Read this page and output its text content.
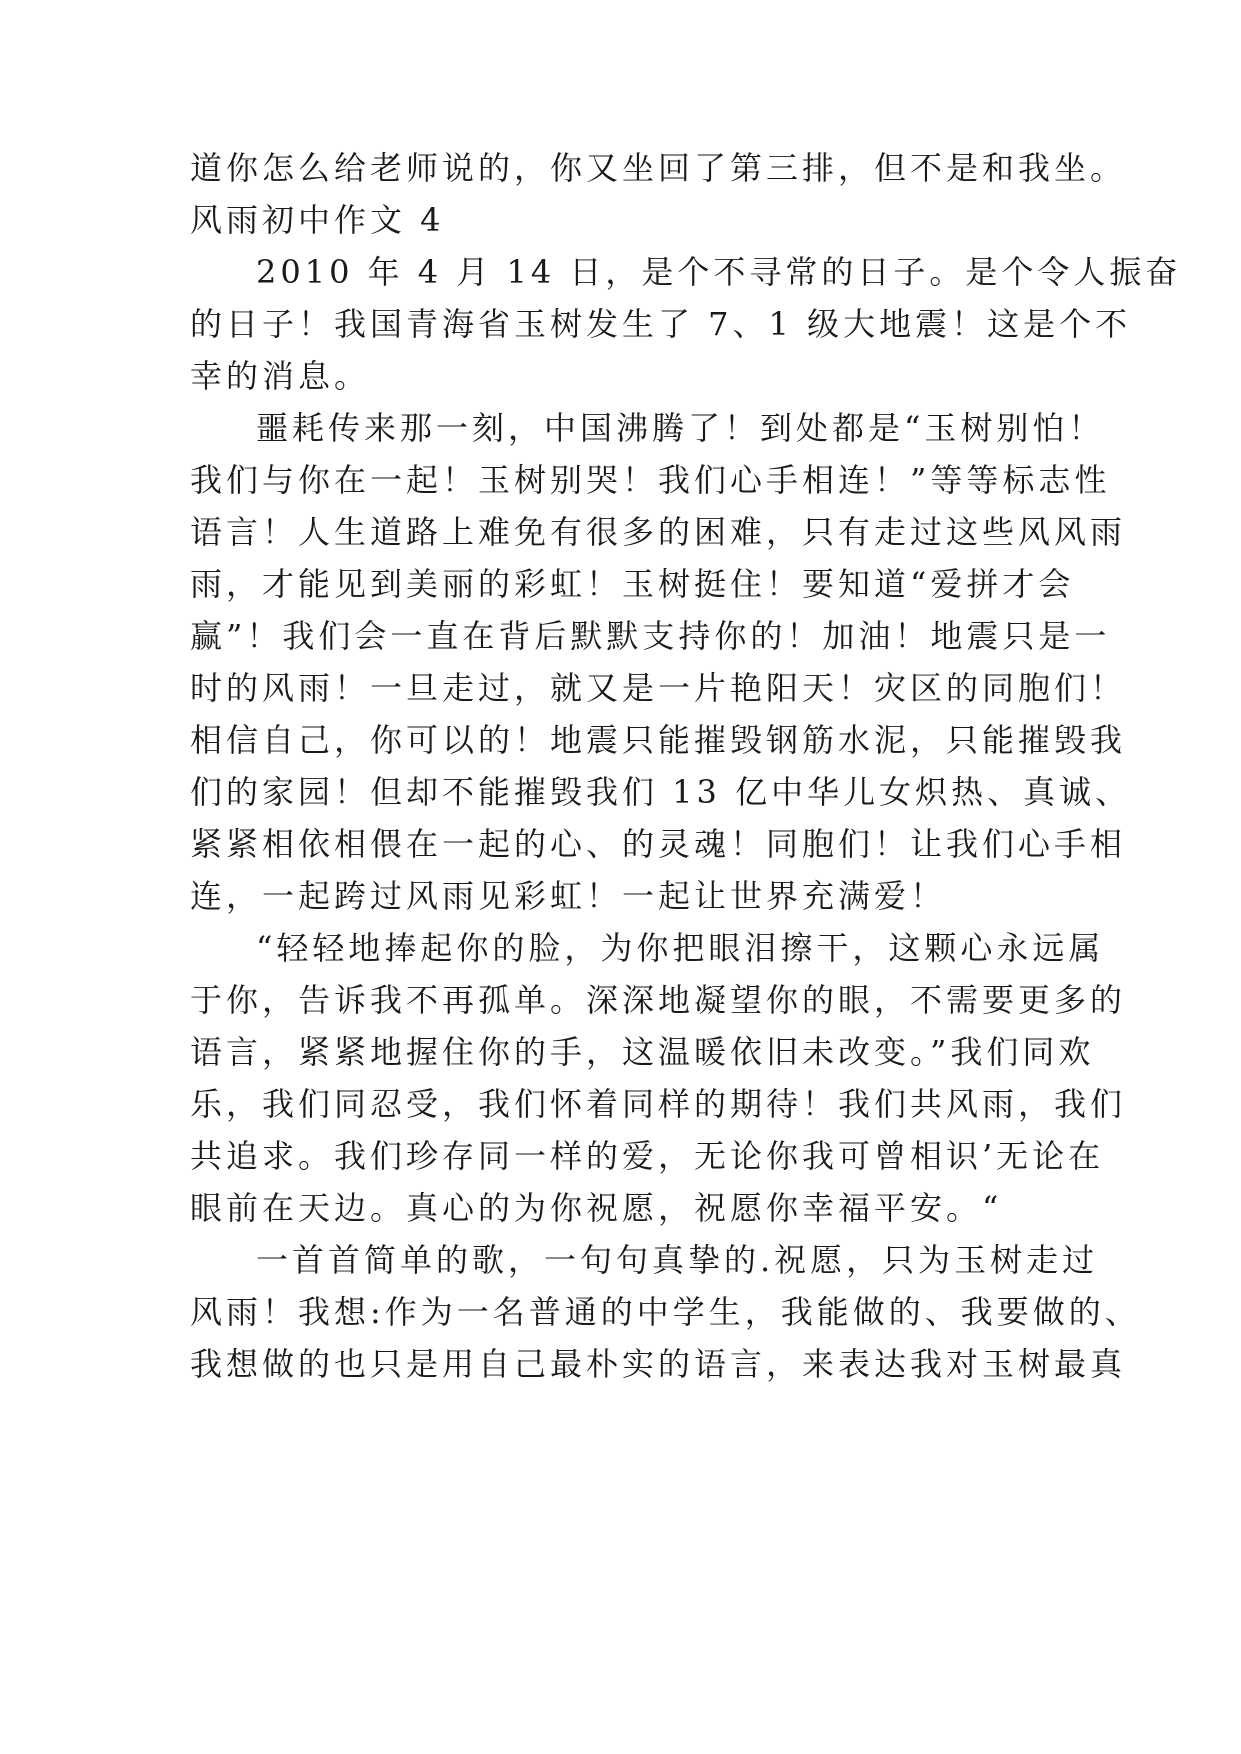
道你怎么给老师说的，你又坐回了第三排，但不是和我坐。
风雨初中作文 4
2010 年 4 月 14 日，是个不寻常的日子。是个令人振奋
的日子！我国青海省玉树发生了 7、1 级大地震！这是个不
幸的消息。
噩耗传来那一刻，中国沸腾了！到处都是“玉树别怕！
我们与你在一起！玉树别哭！我们心手相连！”等等标志性
语言！人生道路上难免有很多的困难，只有走过这些风风雨
雨，才能见到美丽的彩虹！玉树挺住！要知道“爱拼才会
赢”！我们会一直在背后默默支持你的！加油！地震只是一
时的风雨！一旦走过，就又是一片艳阳天！灾区的同胞们！
相信自己，你可以的！地震只能摧毁钢筋水泥，只能摧毁我
们的家园！但却不能摧毁我们 13 亿中华儿女炽热、真诚、
紧紧相依相偎在一起的心、的灵魂！同胞们！让我们心手相
连，一起跨过风雨见彩虹！一起让世界充满爱！
“轻轻地捧起你的脸，为你把眼泪擦干，这颗心永远属
于你，告诉我不再孤单。深深地凝望你的眼，不需要更多的
语言，紧紧地握住你的手，这温暖依旧未改变。”我们同欢
乐，我们同忍受，我们怀着同样的期待！我们共风雨，我们
共追求。我们珍存同一样的爱，无论你我可曾相识’无论在
眼前在天边。真心的为你祝愿，祝愿你幸福平安。“
一首首简单的歌，一句句真挚的.祝愿，只为玉树走过
风雨！我想:作为一名普通的中学生，我能做的、我要做的、
我想做的也只是用自己最朴实的语言，来表达我对玉树最真
